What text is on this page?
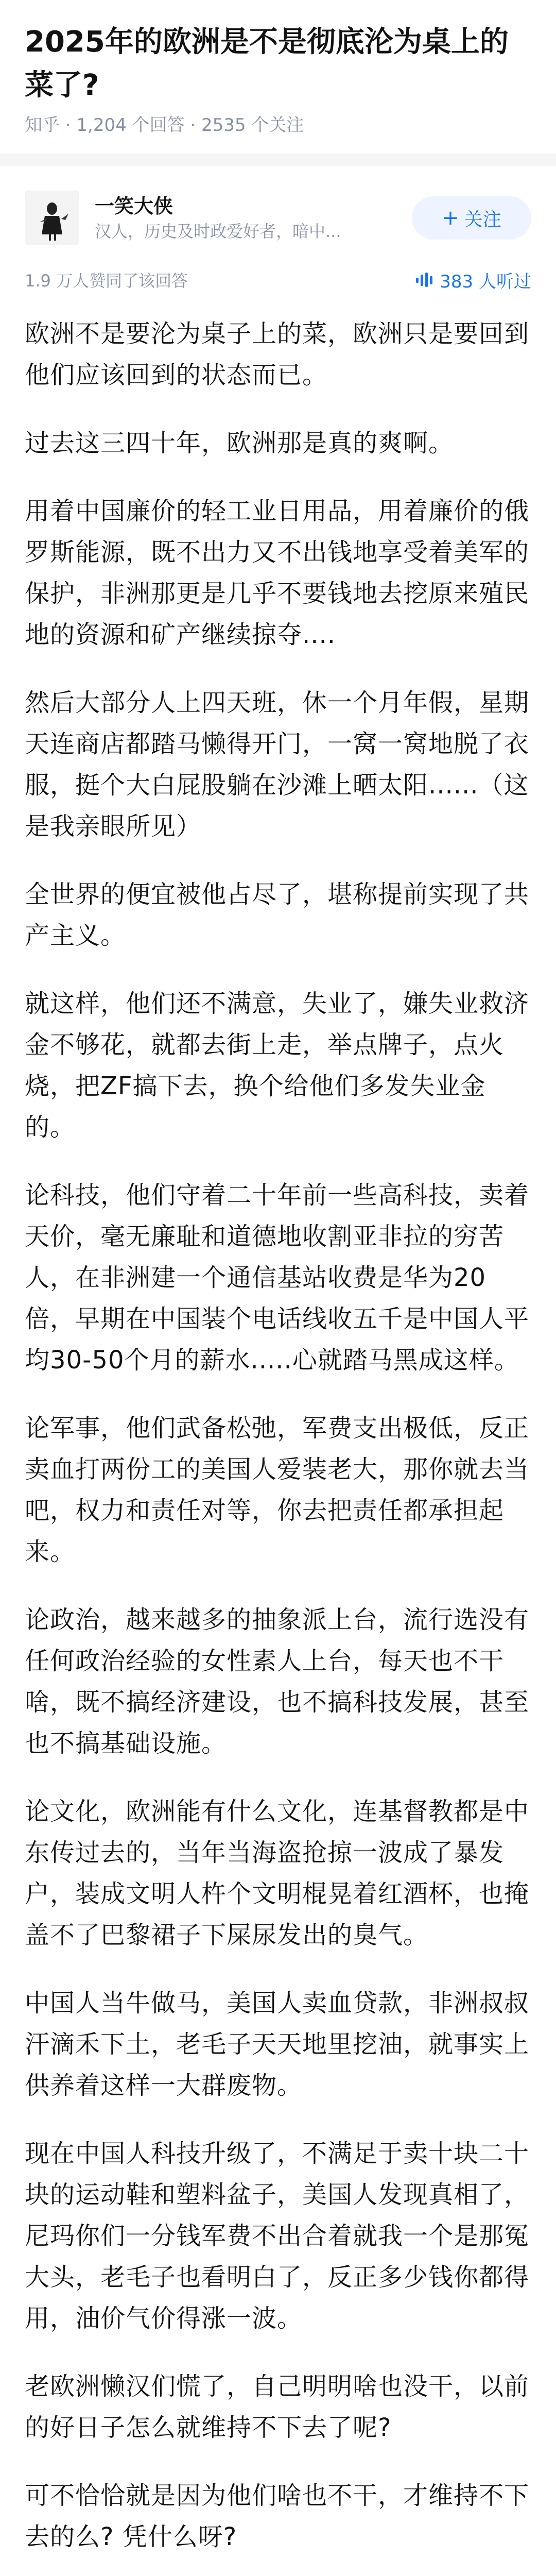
2025年的欧洲是不是彻底沦为桌上的菜了?
知乎 · 1,204 个回答 · 2535 个关注
一笑大侠
汉人，历史及时政爱好者，暗中...
+ 关注
1.9 万人赞同了该回答	383 人听过

欧洲不是要沦为桌子上的菜，欧洲只是要回到他们应该回到的状态而已。

过去这三四十年，欧洲那是真的爽啊。

用着中国廉价的轻工业日用品，用着廉价的俄罗斯能源，既不出力又不出钱地享受着美军的保护，非洲那更是几乎不要钱地去挖原来殖民地的资源和矿产继续掠夺....

然后大部分人上四天班，休一个月年假，星期天连商店都踏马懒得开门，一窝一窝地脱了衣服，挺个大白屁股躺在沙滩上晒太阳......（这是我亲眼所见）

全世界的便宜被他占尽了，堪称提前实现了共产主义。

就这样，他们还不满意，失业了，嫌失业救济金不够花，就都去街上走，举点牌子，点火烧，把ZF搞下去，换个给他们多发失业金的。

论科技，他们守着二十年前一些高科技，卖着天价，毫无廉耻和道德地收割亚非拉的穷苦人，在非洲建一个通信基站收费是华为20倍，早期在中国装个电话线收五千是中国人平均30-50个月的薪水.....心就踏马黑成这样。

论军事，他们武备松弛，军费支出极低，反正卖血打两份工的美国人爱装老大，那你就去当吧，权力和责任对等，你去把责任都承担起来。

论政治，越来越多的抽象派上台，流行选没有任何政治经验的女性素人上台，每天也不干啥，既不搞经济建设，也不搞科技发展，甚至也不搞基础设施。

论文化，欧洲能有什么文化，连基督教都是中东传过去的，当年当海盗抢掠一波成了暴发户，装成文明人杵个文明棍晃着红酒杯，也掩盖不了巴黎裙子下屎尿发出的臭气。

中国人当牛做马，美国人卖血贷款，非洲叔叔汗滴禾下土，老毛子天天地里挖油，就事实上供养着这样一大群废物。

现在中国人科技升级了，不满足于卖十块二十块的运动鞋和塑料盆子，美国人发现真相了，尼玛你们一分钱军费不出合着就我一个是那冤大头，老毛子也看明白了，反正多少钱你都得用，油价气价得涨一波。

老欧洲懒汉们慌了，自己明明啥也没干，以前的好日子怎么就维持不下去了呢?

可不恰恰就是因为他们啥也不干，才维持不下去的么? 凭什么呀?
